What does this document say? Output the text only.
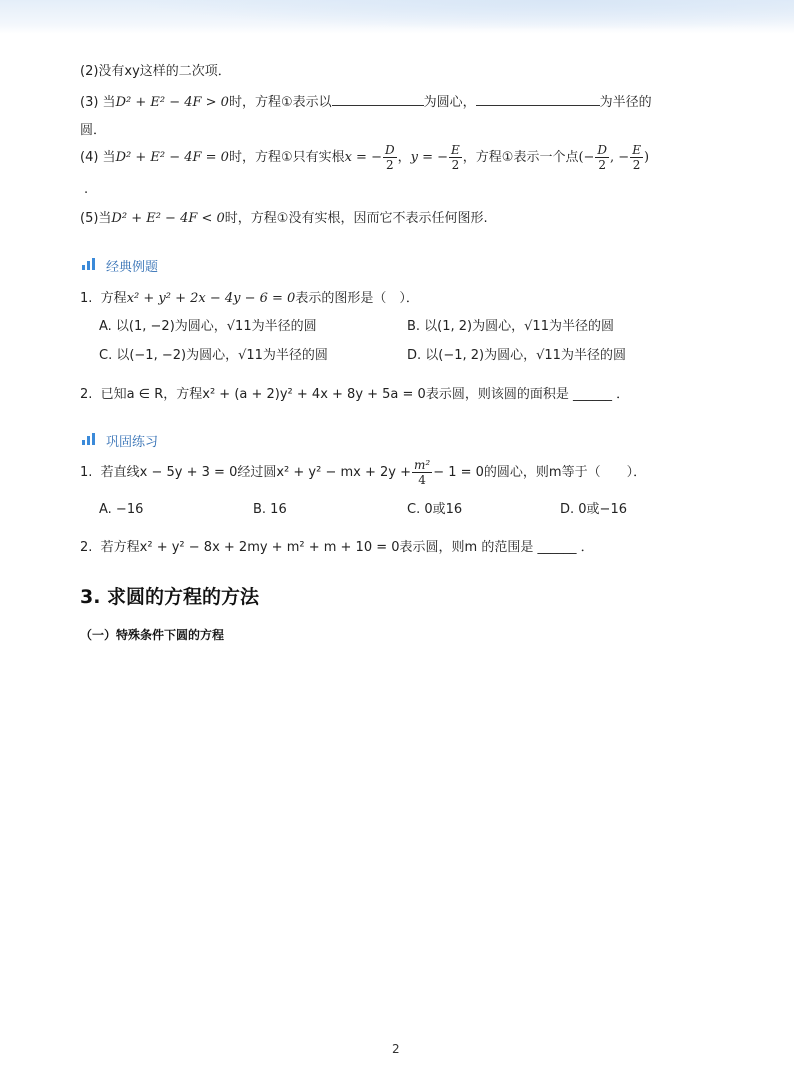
(2)没有xy这样的二次项．
(3) 当D² + E² − 4F > 0时，方程①表示以	为圆心，	为半径的
圆．
(4) 当D² + E² − 4F = 0时，方程①只有实根x = − $\frac{D}{2}$ ，y = − $\frac{E}{2}$ ，方程①表示一个点(− $\frac{D}{2}$ , − $\frac{E}{2}$ )
.
(5)当D² + E² − 4F < 0时，方程①没有实根，因而它不表示任何图形.
经典例题
1. 方程x² + y² + 2x − 4y − 6 = 0表示的图形是（　）．
A. 以(1, −2)为圆心，√11为半径的圆	B. 以(1, 2)为圆心，√11为半径的圆
C. 以(−1, −2)为圆心，√11为半径的圆	D. 以(−1, 2)为圆心，√11为半径的圆
2. 已知a ∈ R，方程x² + (a + 2)y² + 4x + 8y + 5a = 0表示圆，则该圆的面积是 ______ ．
巩固练习
1. 若直线x − 5y + 3 = 0经过圆x² + y² − mx + $2y + \frac{\text{m²}}{4} - 1 = 0$的圆心，则m等于（　　）．
A. −16	B. 16	C. 0或16	D. 0或−16
2. 若方程x² + y² − 8x + 2my + m² + m + 10 = 0表示圆，则m 的范围是 ______ ．
3. 求圆的方程的方法
（一）特殊条件下圆的方程
2
